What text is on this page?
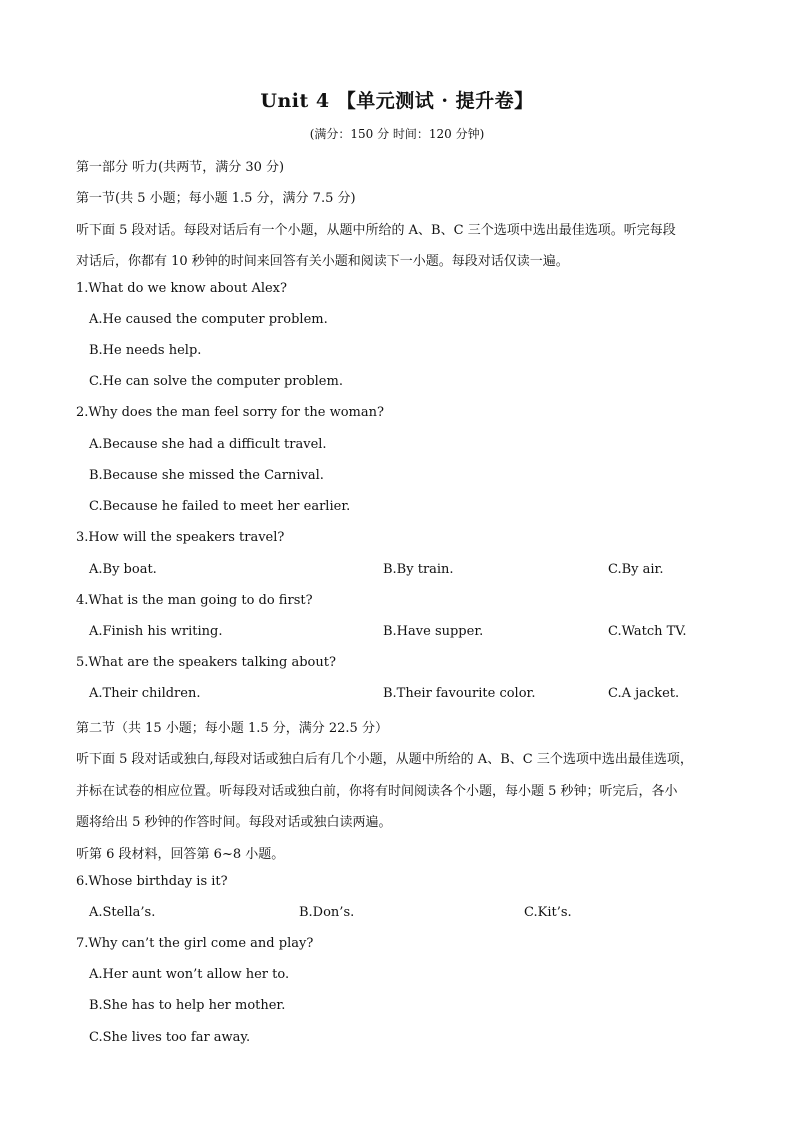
Unit 4 【单元测试 · 提升卷】
(满分：150 分 时间：120 分钟)
第一部分 听力(共两节，满分 30 分)
第一节(共 5 小题；每小题 1.5 分，满分 7.5 分)
听下面 5 段对话。每段对话后有一个小题，从题中所给的 A、B、C 三个选项中选出最佳选项。听完每段
对话后，你都有 10 秒钟的时间来回答有关小题和阅读下一小题。每段对话仅读一遍。
1.What do we know about Alex?
A.He caused the computer problem.
B.He needs help.
C.He can solve the computer problem.
2.Why does the man feel sorry for the woman?
A.Because she had a difficult travel.
B.Because she missed the Carnival.
C.Because he failed to meet her earlier.
3.How will the speakers travel?
A.By boat.	B.By train.	C.By air.
4.What is the man going to do first?
A.Finish his writing.	B.Have supper.	C.Watch TV.
5.What are the speakers talking about?
A.Their children.	B.Their favourite color.	C.A jacket.
第二节（共 15 小题；每小题 1.5 分，满分 22.5 分）
听下面 5 段对话或独白,每段对话或独白后有几个小题，从题中所给的 A、B、C 三个选项中选出最佳选项，
并标在试卷的相应位置。听每段对话或独白前，你将有时间阅读各个小题，每小题 5 秒钟；听完后，各小
题将给出 5 秒钟的作答时间。每段对话或独白读两遍。
听第 6 段材料，回答第 6~8 小题。
6.Whose birthday is it?
A.Stella’s.	B.Don’s.	C.Kit’s.
7.Why can’t the girl come and play?
A.Her aunt won’t allow her to.
B.She has to help her mother.
C.She lives too far away.
